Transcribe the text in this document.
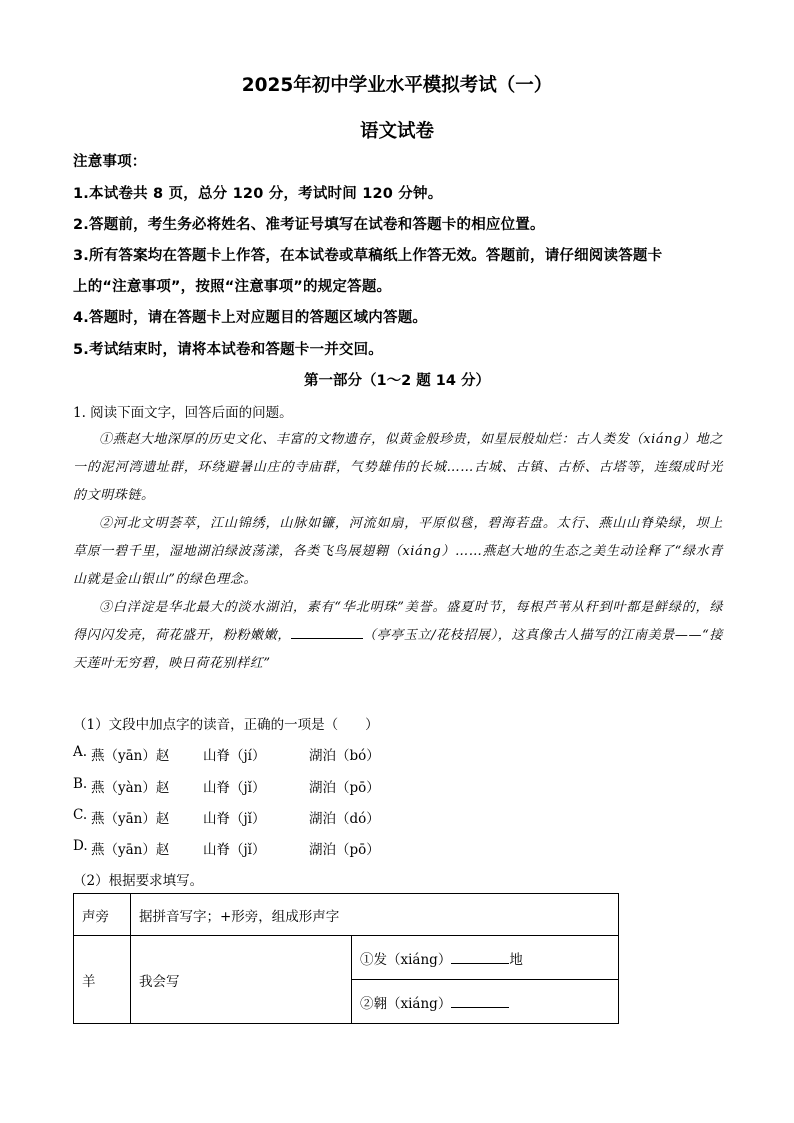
2025年初中学业水平模拟考试（一）
语文试卷
注意事项：
1.本试卷共 8 页，总分 120 分，考试时间 120 分钟。
2.答题前，考生务必将姓名、准考证号填写在试卷和答题卡的相应位置。
3.所有答案均在答题卡上作答，在本试卷或草稿纸上作答无效。答题前，请仔细阅读答题卡
上的“注意事项”，按照“注意事项”的规定答题。
4.答题时，请在答题卡上对应题目的答题区域内答题。
5.考试结束时，请将本试卷和答题卡一并交回。
第一部分（1～2 题 14 分）
1. 阅读下面文字，回答后面的问题。

①燕赵大地深厚的历史文化、丰富的文物遗存，似黄金般珍贵，如星辰般灿烂：古人类发（xiáng）地之一的泥河湾遗址群，环绕避暑山庄的寺庙群，气势雄伟的长城……古城、古镇、古桥、古塔等，连缀成时光的文明珠链。

②河北文明荟萃，江山锦绣，山脉如镰，河流如扇，平原似毯，碧海若盘。太行、燕山山脊染绿，坝上草原一碧千里，湿地湖泊绿波荡漾，各类飞鸟展翅翱（xiáng）……燕赵大地的生态之美生动诠释了“绿水青山就是金山银山”的绿色理念。

③白洋淀是华北最大的淡水湖泊，素有“华北明珠”美誉。盛夏时节，每根芦苇从秆到叶都是鲜绿的，绿得闪闪发亮，荷花盛开，粉粉嫩嫩，	（亭亭玉立/花枝招展），这真像古人描写的江南美景——“接天莲叶无穷碧，映日荷花别样红”

（1）文段中加点字的读音，正确的一项是（　　）
A. 燕（yān）赵 山脊（jí）	湖泊（bó）
B. 燕（yàn）赵 山脊（jǐ）	湖泊（pō）
C. 燕（yān）赵 山脊（jǐ）	湖泊（dó）
D. 燕（yān）赵 山脊（jǐ）	湖泊（pō）
（2）根据要求填写。
声旁	据拼音写字；+形旁，组成形声字	
羊	我会写	①发（xiáng） 地
		②翱（xiáng）
